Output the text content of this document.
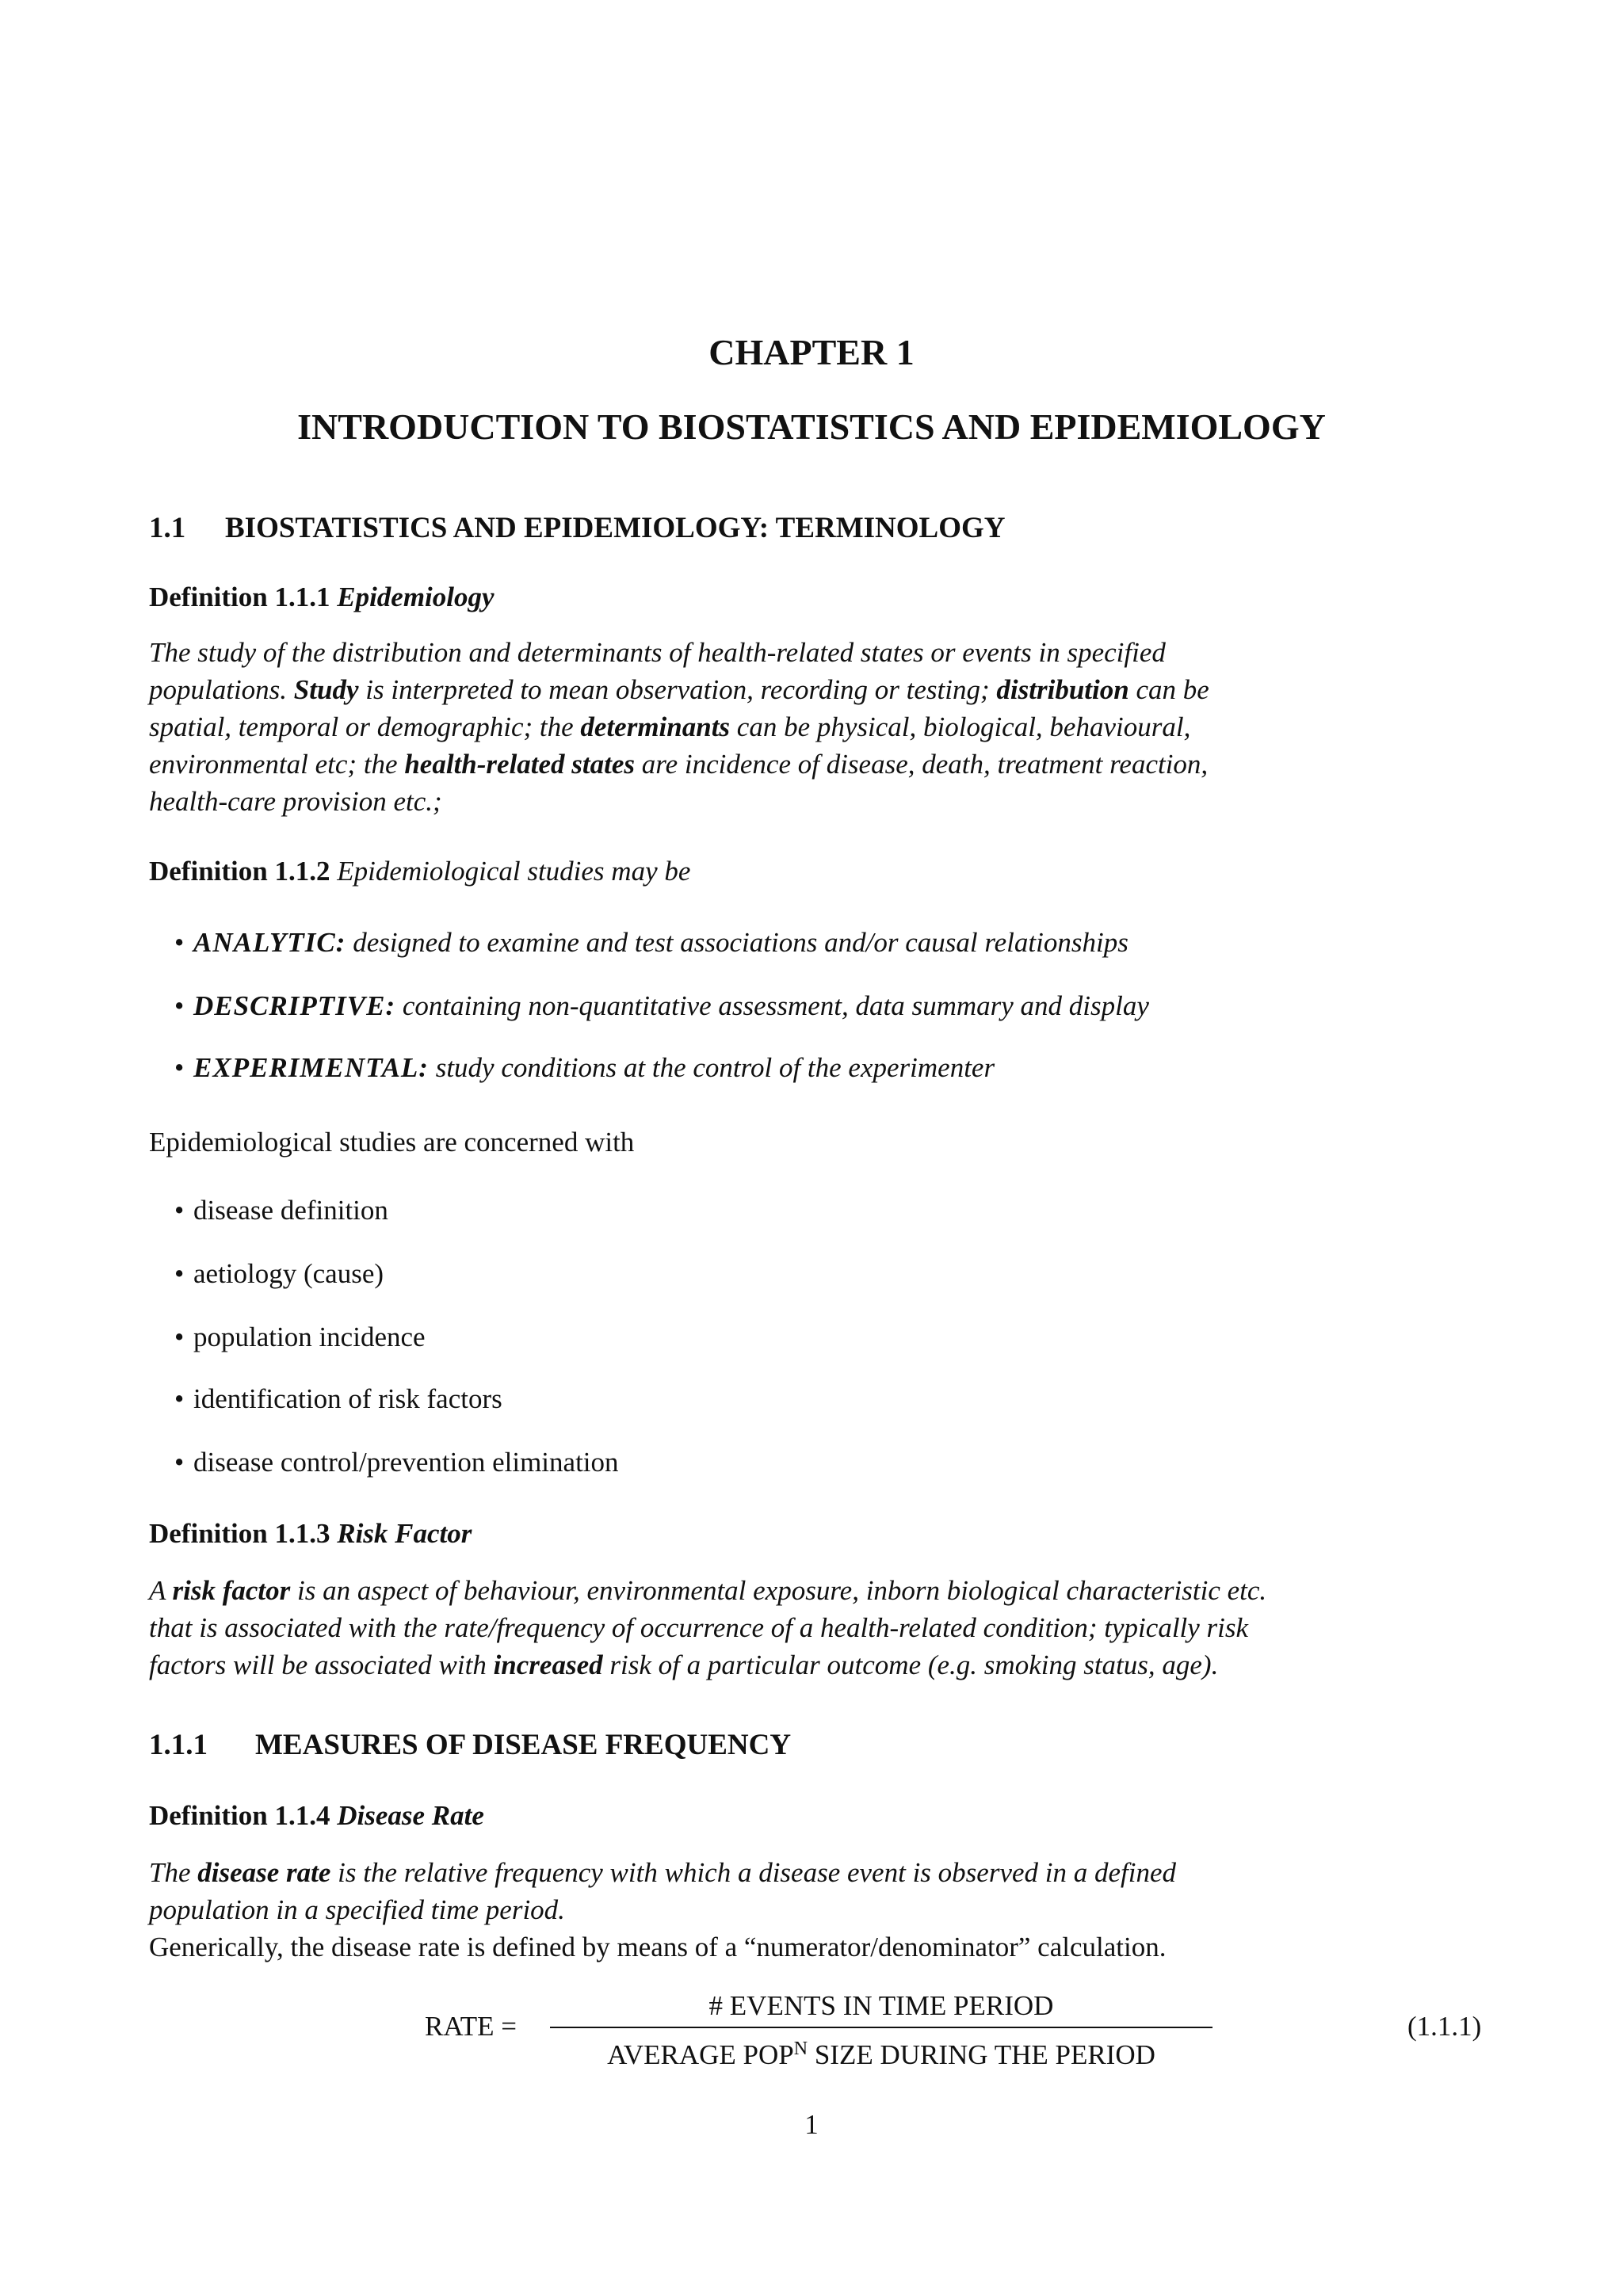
CHAPTER 1
INTRODUCTION TO BIOSTATISTICS AND EPIDEMIOLOGY
1.1 BIOSTATISTICS AND EPIDEMIOLOGY: TERMINOLOGY
Definition 1.1.1 Epidemiology
The study of the distribution and determinants of health-related states or events in specified
populations. Study is interpreted to mean observation, recording or testing; distribution can be
spatial, temporal or demographic; the determinants can be physical, biological, behavioural,
environmental etc; the health-related states are incidence of disease, death, treatment reaction,
health-care provision etc.;
Definition 1.1.2 Epidemiological studies may be
• ANALYTIC: designed to examine and test associations and/or causal relationships
• DESCRIPTIVE: containing non-quantitative assessment, data summary and display
• EXPERIMENTAL: study conditions at the control of the experimenter
Epidemiological studies are concerned with
• disease definition
• aetiology (cause)
• population incidence
• identification of risk factors
• disease control/prevention elimination
Definition 1.1.3 Risk Factor
A risk factor is an aspect of behaviour, environmental exposure, inborn biological characteristic etc.
that is associated with the rate/frequency of occurrence of a health-related condition; typically risk
factors will be associated with increased risk of a particular outcome (e.g. smoking status, age).
1.1.1 MEASURES OF DISEASE FREQUENCY
Definition 1.1.4 Disease Rate
The disease rate is the relative frequency with which a disease event is observed in a defined
population in a specified time period.
Generically, the disease rate is defined by means of a “numerator/denominator” calculation.
RATE =
# EVENTS IN TIME PERIOD
AVERAGE $POP^N$ SIZE DURING THE PERIOD
(1.1.1)
1
